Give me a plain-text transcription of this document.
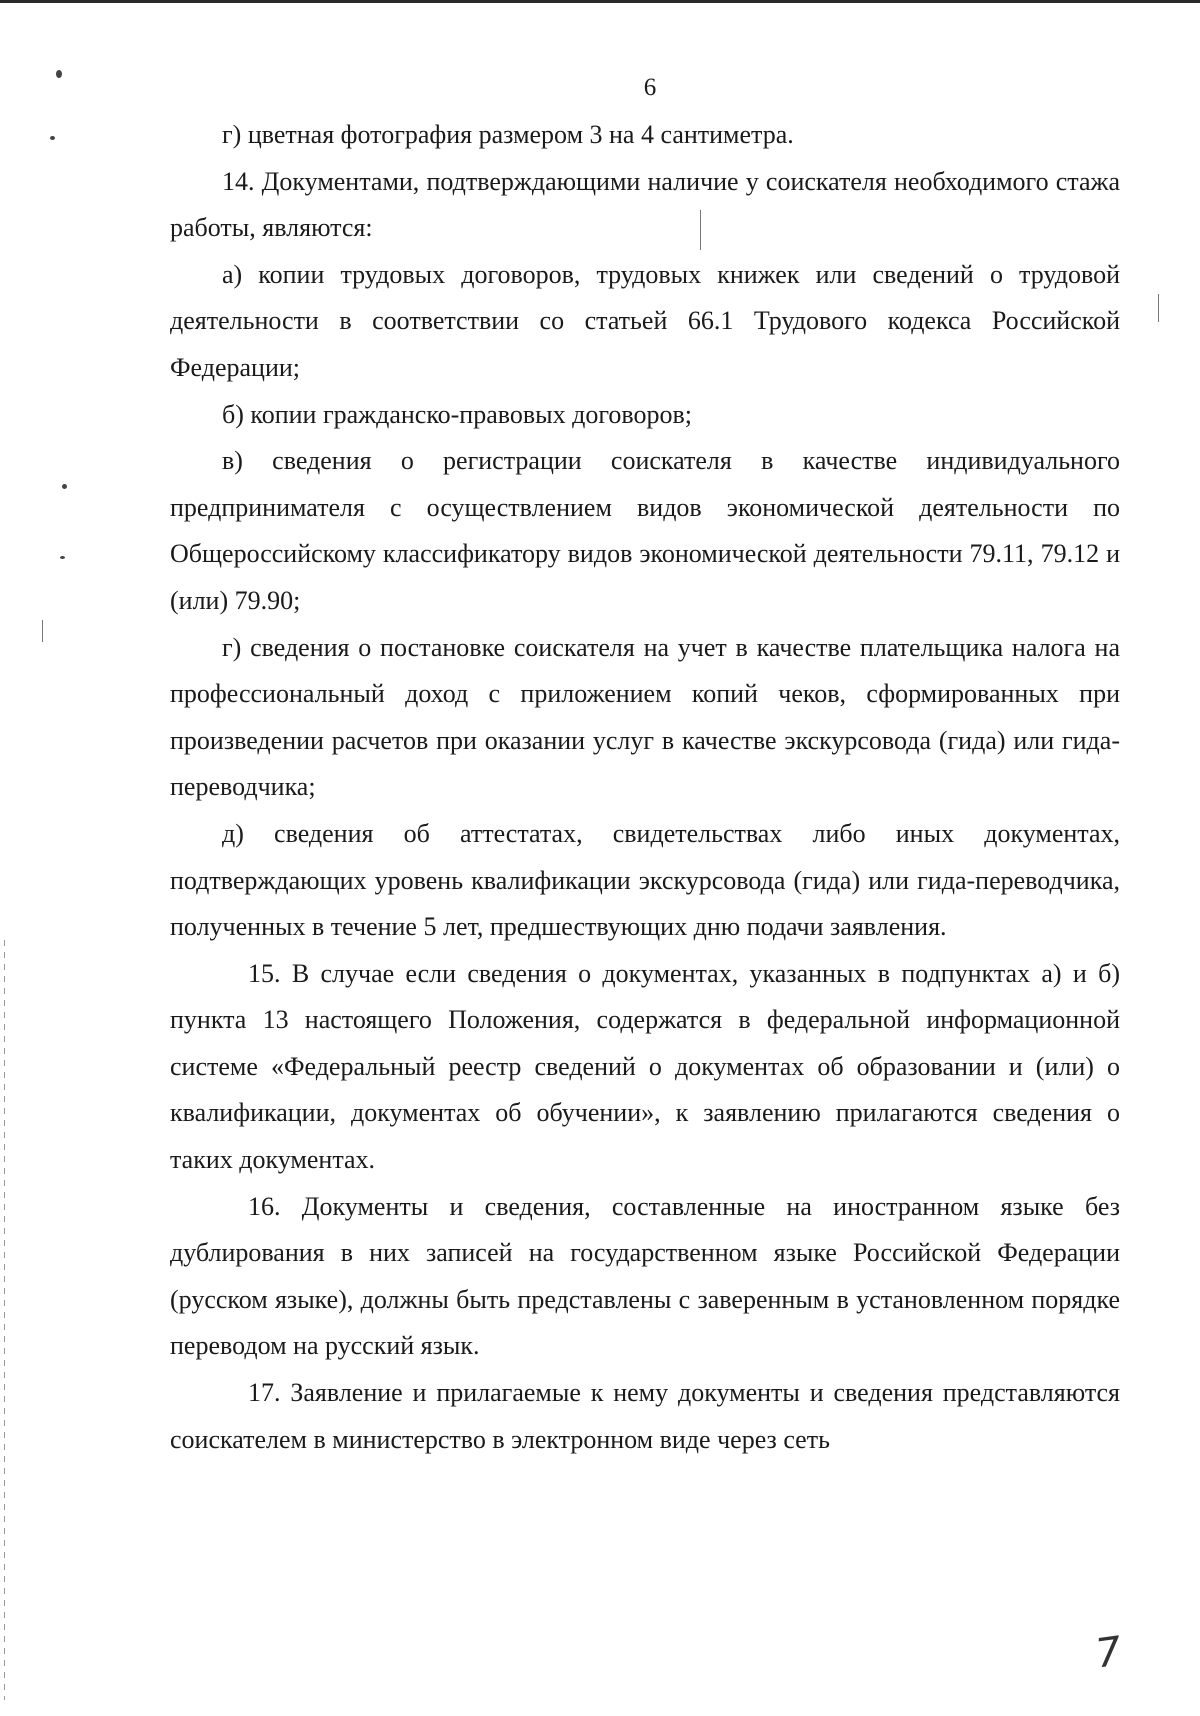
6

г) цветная фотография размером 3 на 4 сантиметра.

14. Документами, подтверждающими наличие у соискателя необходимого стажа работы, являются:

а) копии трудовых договоров, трудовых книжек или сведений о трудовой деятельности в соответствии со статьей 66.1 Трудового кодекса Российской Федерации;

б) копии гражданско-правовых договоров;

в) сведения о регистрации соискателя в качестве индивидуального предпринимателя с осуществлением видов экономической деятельности по Общероссийскому классификатору видов экономической деятельности 79.11, 79.12 и (или) 79.90;

г) сведения о постановке соискателя на учет в качестве плательщика налога на профессиональный доход с приложением копий чеков, сформированных при произведении расчетов при оказании услуг в качестве экскурсовода (гида) или гида-переводчика;

д) сведения об аттестатах, свидетельствах либо иных документах, подтверждающих уровень квалификации экскурсовода (гида) или гида-переводчика, полученных в течение 5 лет, предшествующих дню подачи заявления.

15. В случае если сведения о документах, указанных в подпунктах а) и б) пункта 13 настоящего Положения, содержатся в федеральной информационной системе «Федеральный реестр сведений о документах об образовании и (или) о квалификации, документах об обучении», к заявлению прилагаются сведения о таких документах.

16. Документы и сведения, составленные на иностранном языке без дублирования в них записей на государственном языке Российской Федерации (русском языке), должны быть представлены с заверенным в установленном порядке переводом на русский язык.

17. Заявление и прилагаемые к нему документы и сведения представляются соискателем в министерство в электронном виде через сеть

7
